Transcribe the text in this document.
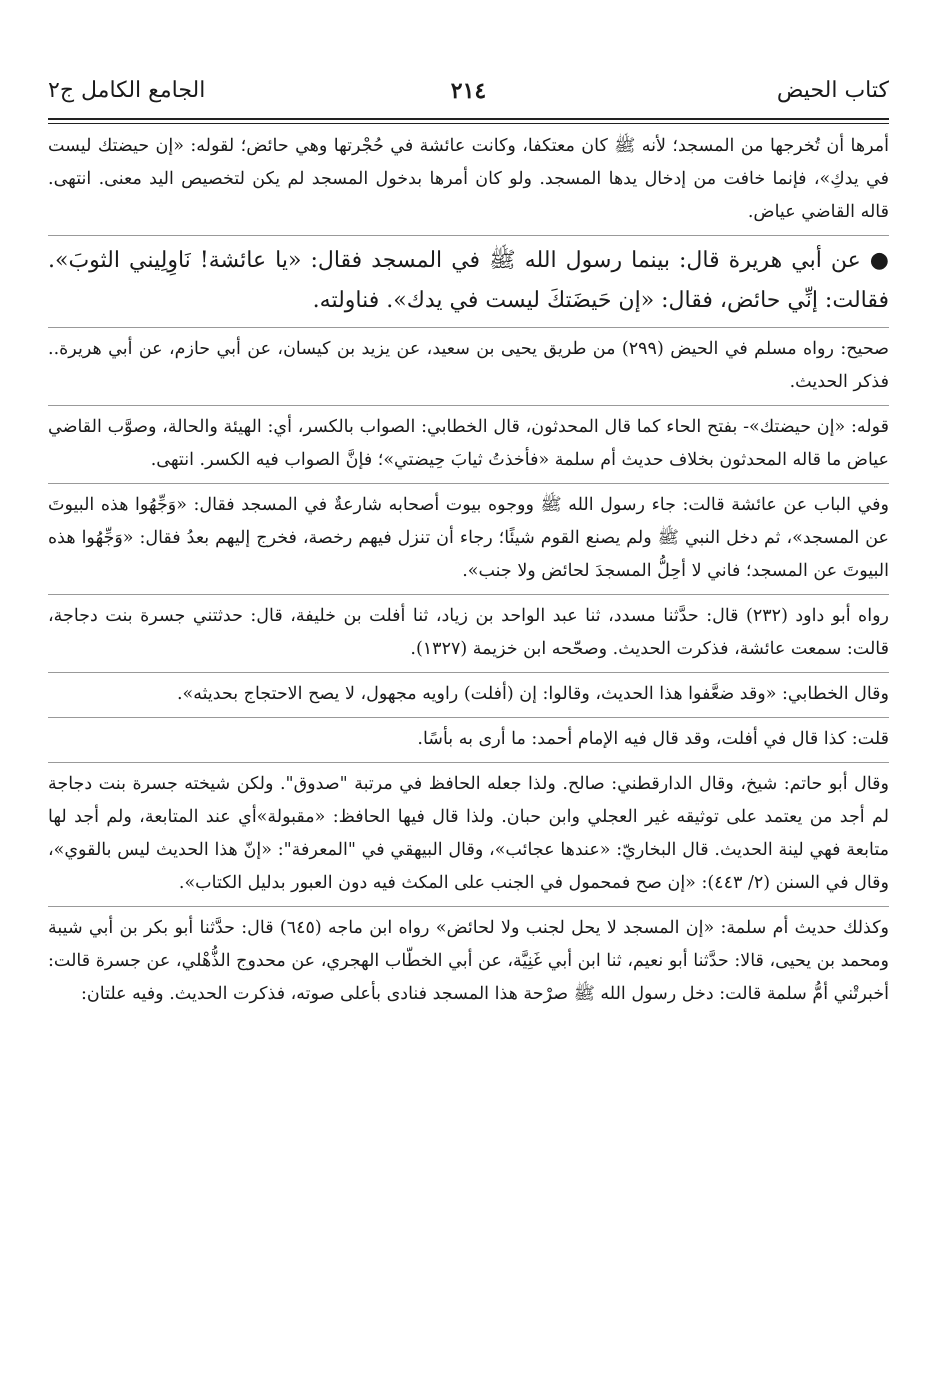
كتاب الحيض
٢١٤
الجامع الكامل ج٢

أمرها أن تُخرجها من المسجد؛ لأنه ﷺ كان معتكفا، وكانت عائشة في حُجْرتها وهي حائض؛ لقوله: «إن حيضتك ليست في يدكِ»، فإنما خافت من إدخال يدها المسجد. ولو كان أمرها بدخول المسجد لم يكن لتخصيص اليد معنى. انتهى. قاله القاضي عياض.

● عن أبي هريرة قال: بينما رسول الله ﷺ في المسجد فقال: «يا عائشة! نَاوِلِيني الثوبَ». فقالت: إنِّي حائض، فقال: «إن حَيضَتكَ ليست في يدك». فناولته.

صحيح: رواه مسلم في الحيض (٢٩٩) من طريق يحيى بن سعيد، عن يزيد بن كيسان، عن أبي حازم، عن أبي هريرة.. فذكر الحديث.

قوله: «إن حيضتك»- بفتح الحاء كما قال المحدثون، قال الخطابي: الصواب بالكسر، أي: الهيئة والحالة، وصوَّب القاضي عياض ما قاله المحدثون بخلاف حديث أم سلمة «فأخذتُ ثيابَ حِيضتي»؛ فإنَّ الصواب فيه الكسر. انتهى.

وفي الباب عن عائشة قالت: جاء رسول الله ﷺ ووجوه بيوت أصحابه شارعةٌ في المسجد فقال: «وَجِّهُوا هذه البيوتَ عن المسجد»، ثم دخل النبي ﷺ ولم يصنع القوم شيئًا؛ رجاء أن تنزل فيهم رخصة، فخرج إليهم بعدُ فقال: «وَجِّهُوا هذه البيوتَ عن المسجد؛ فاني لا أحِلُّ المسجدَ لحائض ولا جنب».

رواه أبو داود (٢٣٢) قال: حدَّثنا مسدد، ثنا عبد الواحد بن زياد، ثنا أفلت بن خليفة، قال: حدثتني جسرة بنت دجاجة، قالت: سمعت عائشة، فذكرت الحديث. وصحّحه ابن خزيمة (١٣٢٧).

وقال الخطابي: «وقد ضعَّفوا هذا الحديث، وقالوا: إن (أفلت) راويه مجهول، لا يصح الاحتجاج بحديثه».

قلت: كذا قال في أفلت، وقد قال فيه الإمام أحمد: ما أرى به بأسًا.

وقال أبو حاتم: شيخ، وقال الدارقطني: صالح. ولذا جعله الحافظ في مرتبة "صدوق". ولكن شيخته جسرة بنت دجاجة لم أجد من يعتمد على توثيقه غير العجلي وابن حبان. ولذا قال فيها الحافظ: «مقبولة»أي عند المتابعة، ولم أجد لها متابعة فهي لينة الحديث. قال البخاريّ: «عندها عجائب»، وقال البيهقي في "المعرفة": «إنّ هذا الحديث ليس بالقوي»، وقال في السنن (٢/ ٤٤٣): «إن صح فمحمول في الجنب على المكث فيه دون العبور بدليل الكتاب».

وكذلك حديث أم سلمة: «إن المسجد لا يحل لجنب ولا لحائض» رواه ابن ماجه (٦٤٥) قال: حدَّثنا أبو بكر بن أبي شيبة ومحمد بن يحيى، قالا: حدَّثنا أبو نعيم، ثنا ابن أبي غَنِيَّة، عن أبي الخطّاب الهجري، عن محدوج الذُّهْلي، عن جسرة قالت: أخبرتْني أمُّ سلمة قالت: دخل رسول الله ﷺ صرْحة هذا المسجد فنادى بأعلى صوته، فذكرت الحديث. وفيه علتان:
